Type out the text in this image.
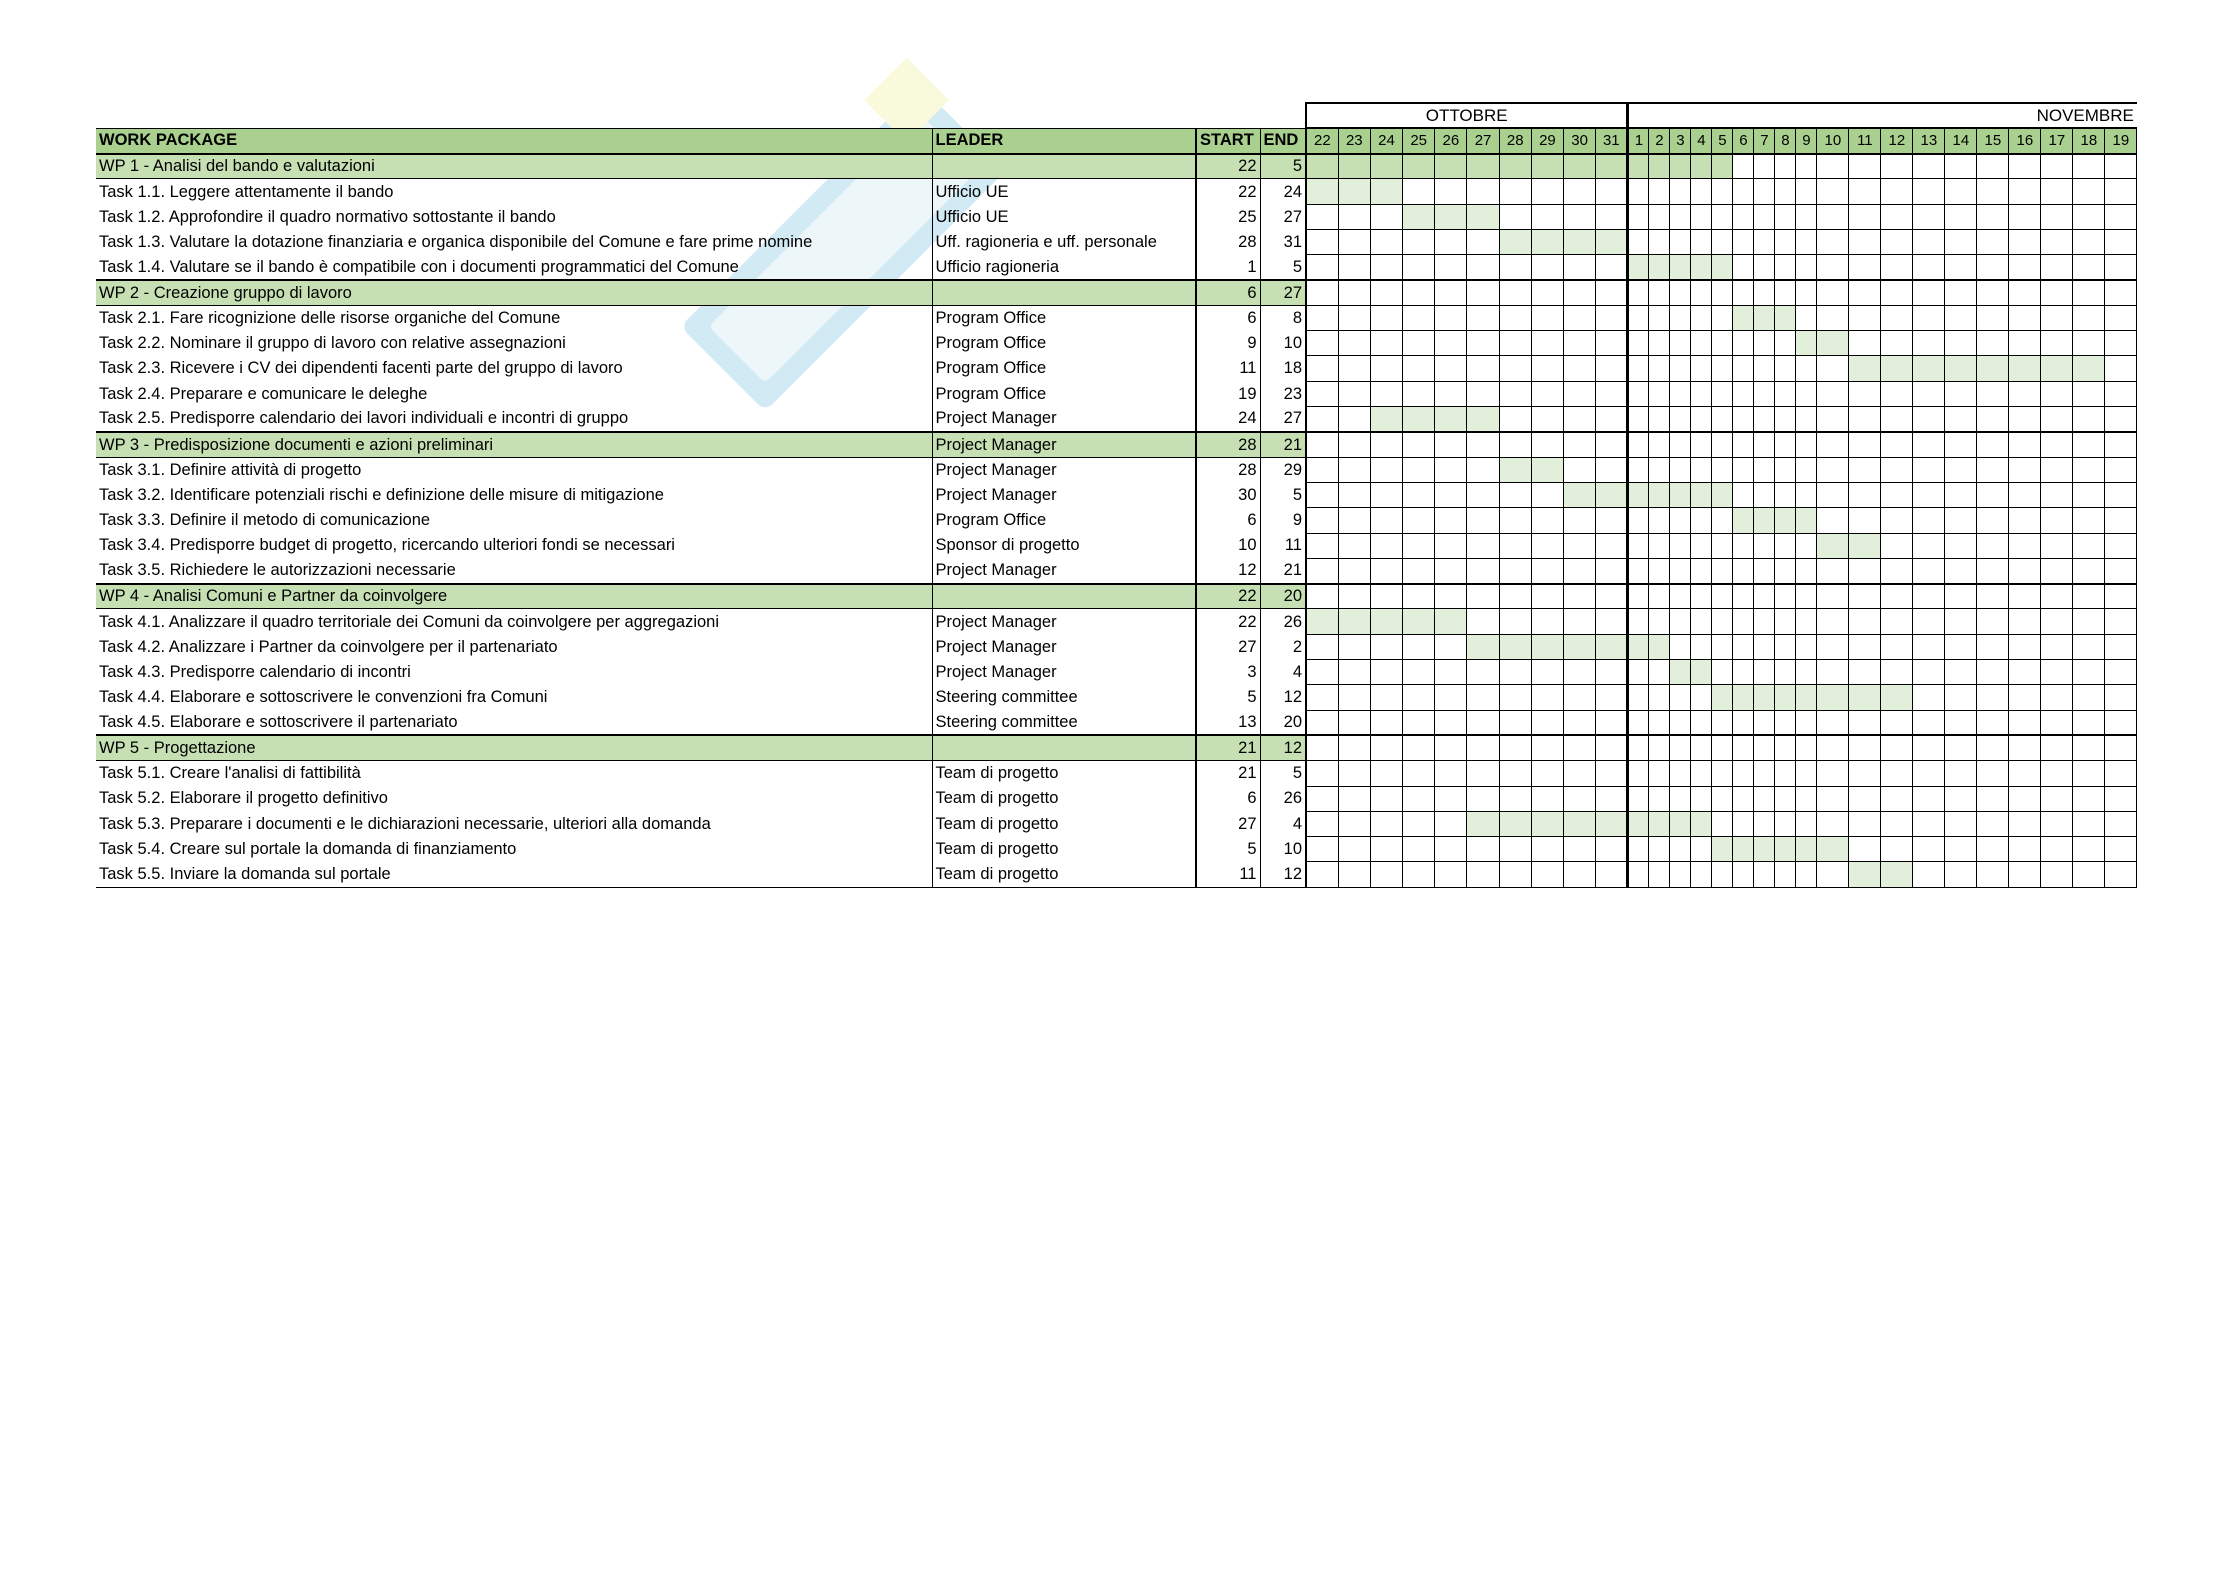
				OTTOBRE										NOVEMBRE																		
WORK PACKAGE	LEADER	START	END	22	23	24	25	26	27	28	29	30	31	1	2	3	4	5	6	7	8	9	10	11	12	13	14	15	16	17	18	19
WP 1 - Analisi del bando e valutazioni		22	5																													
Task 1.1. Leggere attentamente il bando	Ufficio UE	22	24																													
Task 1.2. Approfondire il quadro normativo sottostante il bando	Ufficio UE	25	27																													
Task 1.3. Valutare la dotazione finanziaria e organica disponibile del Comune e fare prime nomine	Uff. ragioneria e uff. personale	28	31																													
Task 1.4. Valutare se il bando è compatibile con i documenti programmatici del Comune	Ufficio ragioneria	1	5																													
WP 2 - Creazione gruppo di lavoro		6	27																													
Task 2.1. Fare ricognizione delle risorse organiche del Comune	Program Office	6	8																													
Task 2.2. Nominare il gruppo di lavoro con relative assegnazioni	Program Office	9	10																													
Task 2.3. Ricevere i CV dei dipendenti facenti parte del gruppo di lavoro	Program Office	11	18																													
Task 2.4. Preparare e comunicare le deleghe	Program Office	19	23																													
Task 2.5. Predisporre calendario dei lavori individuali e incontri di gruppo	Project Manager	24	27																													
WP 3 - Predisposizione documenti e azioni preliminari	Project Manager	28	21																													
Task 3.1. Definire attività di progetto	Project Manager	28	29																													
Task 3.2. Identificare potenziali rischi e definizione delle misure di mitigazione	Project Manager	30	5																													
Task 3.3. Definire il metodo di comunicazione	Program Office	6	9																													
Task 3.4. Predisporre budget di progetto, ricercando ulteriori fondi se necessari	Sponsor di progetto	10	11																													
Task 3.5. Richiedere le autorizzazioni necessarie	Project Manager	12	21																													
WP 4 - Analisi Comuni e Partner da coinvolgere		22	20																													
Task 4.1. Analizzare il quadro territoriale dei Comuni da coinvolgere per aggregazioni	Project Manager	22	26																													
Task 4.2. Analizzare i Partner da coinvolgere per il partenariato	Project Manager	27	2																													
Task 4.3. Predisporre calendario di incontri	Project Manager	3	4																													
Task 4.4. Elaborare e sottoscrivere le convenzioni fra Comuni	Steering committee	5	12																													
Task 4.5. Elaborare e sottoscrivere il partenariato	Steering committee	13	20																													
WP 5 - Progettazione		21	12																													
Task 5.1. Creare l'analisi di fattibilità	Team di progetto	21	5																													
Task 5.2. Elaborare il progetto definitivo	Team di progetto	6	26																													
Task 5.3. Preparare i documenti e le dichiarazioni necessarie, ulteriori alla domanda	Team di progetto	27	4																													
Task 5.4. Creare sul portale la domanda di finanziamento	Team di progetto	5	10																													
Task 5.5. Inviare la domanda sul portale	Team di progetto	11	12																													
